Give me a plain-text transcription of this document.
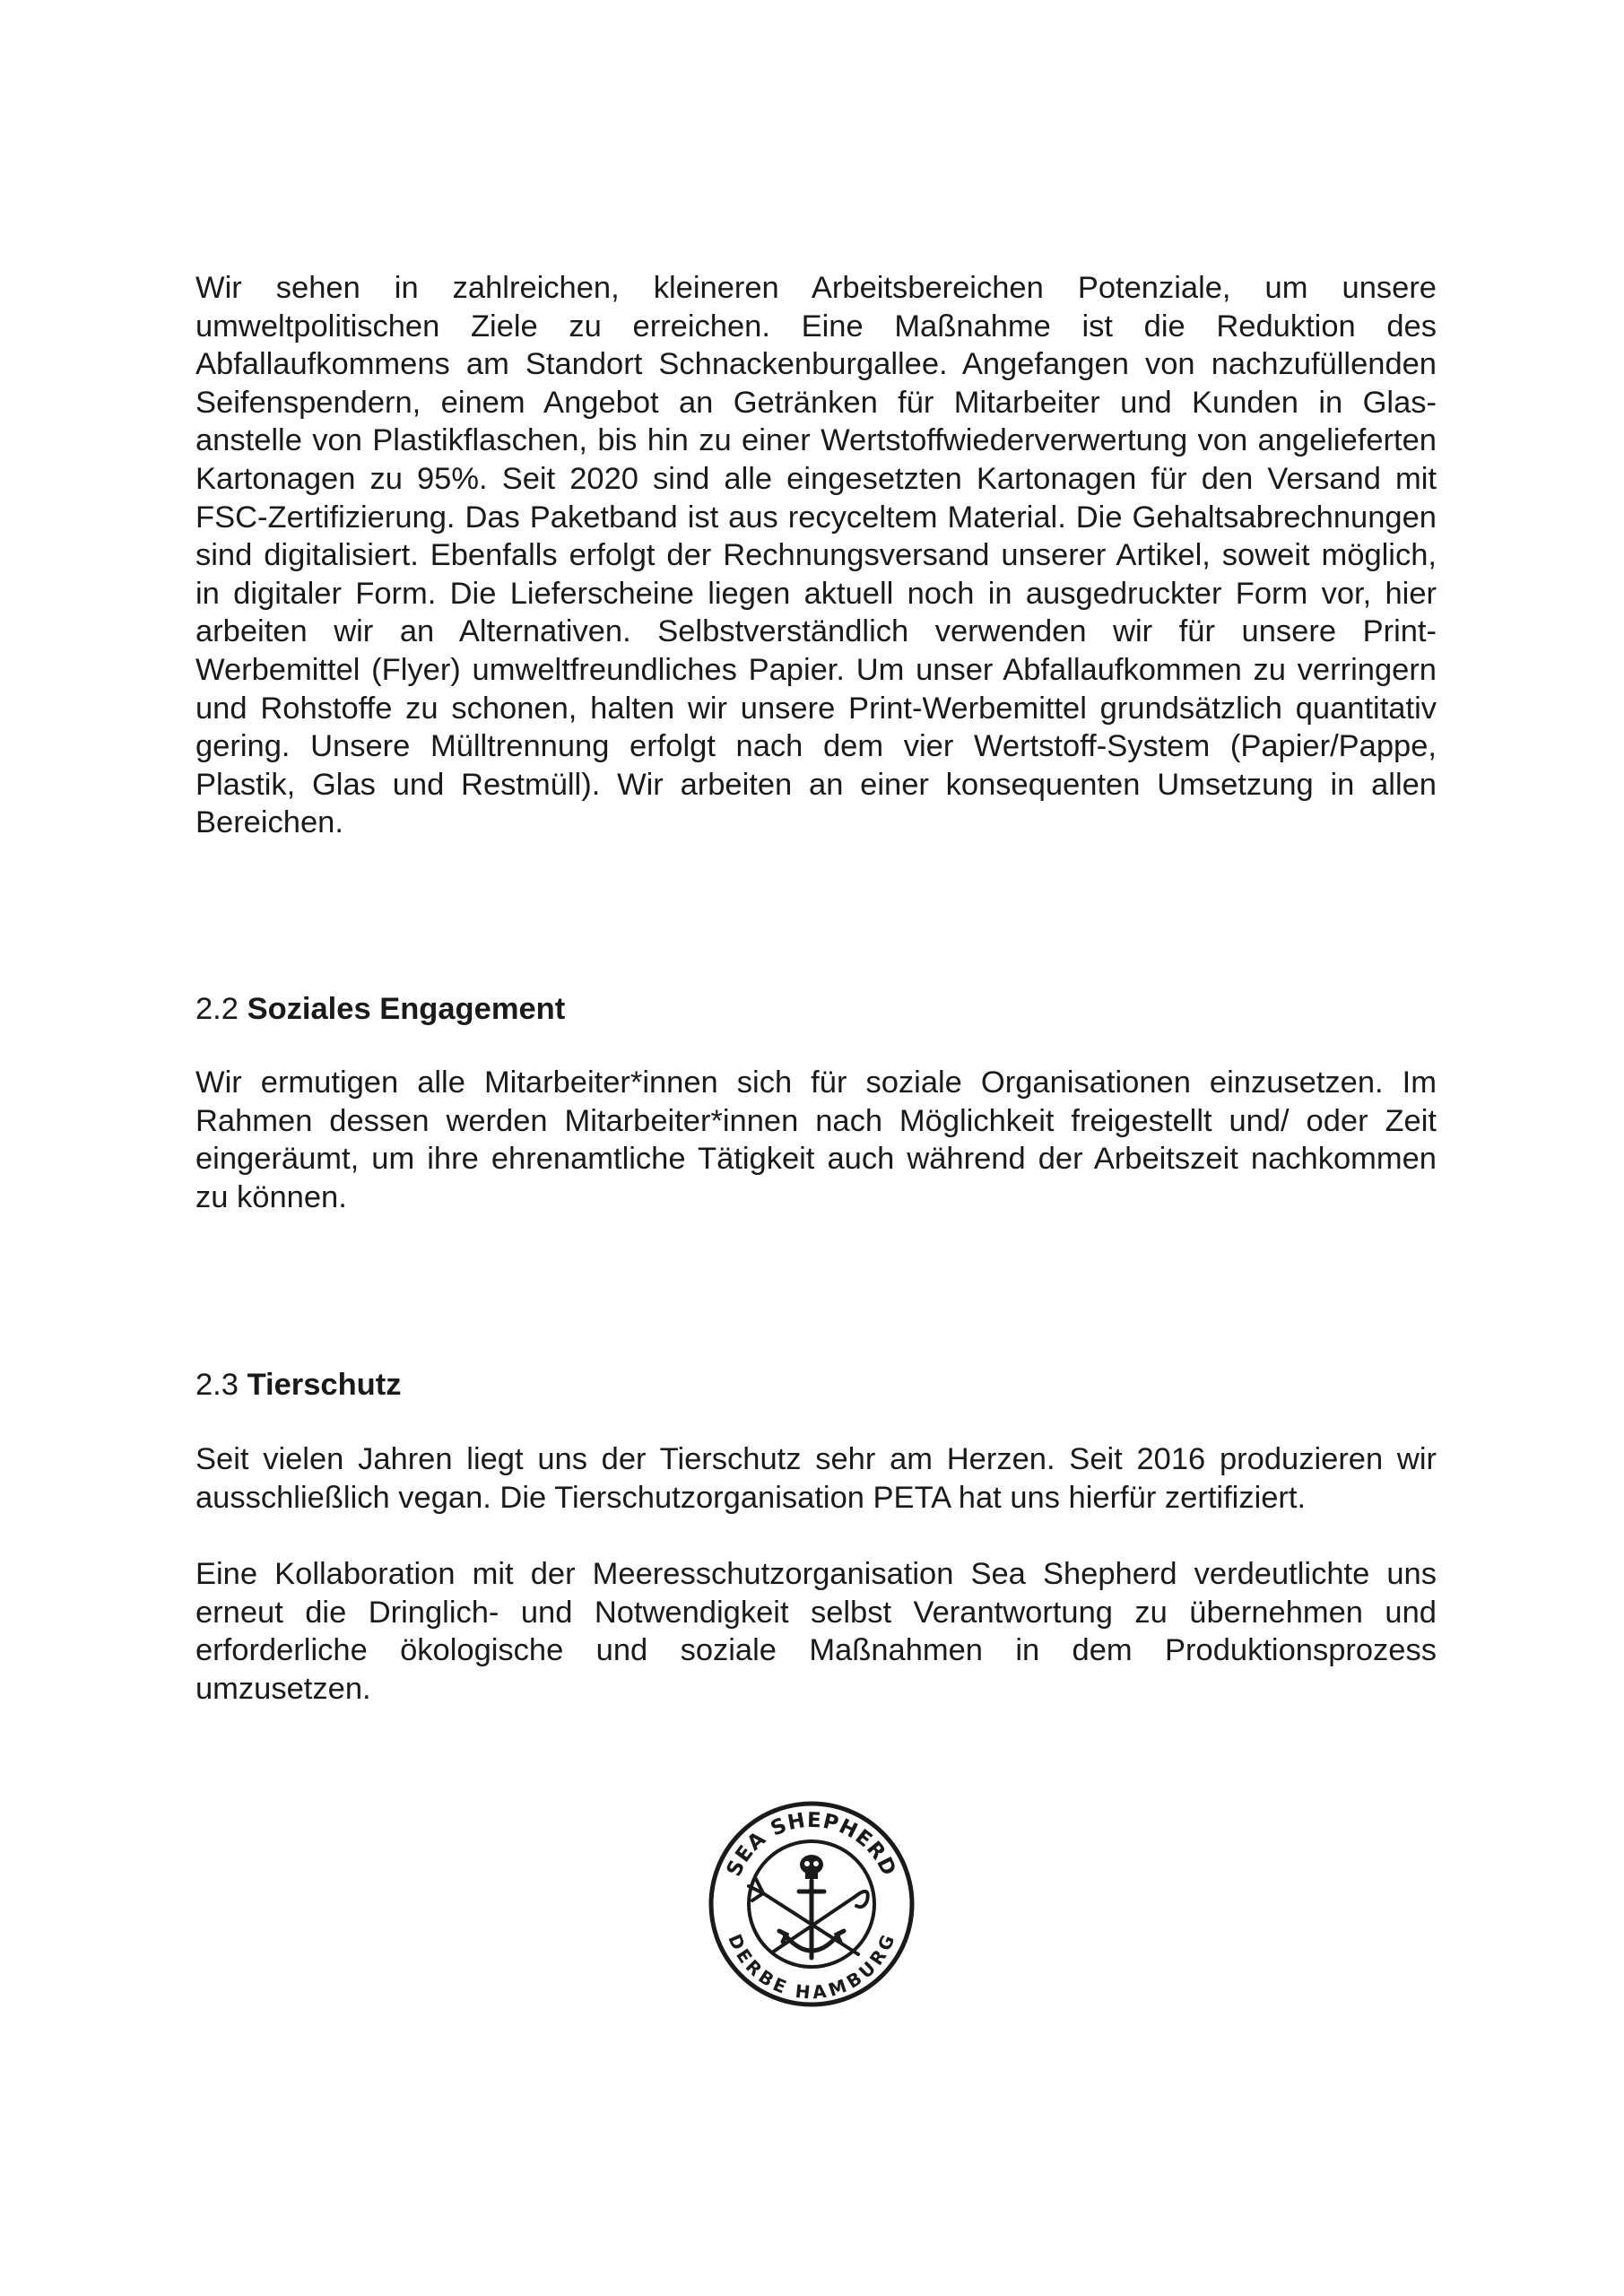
Wir sehen in zahlreichen, kleineren Arbeitsbereichen Potenziale, um unsere umweltpolitischen Ziele zu erreichen. Eine Maßnahme ist die Reduktion des Abfallaufkommens am Standort Schnackenburgallee. Angefangen von nachzufüllenden Seifenspendern, einem Angebot an Getränken für Mitarbeiter und Kunden in Glas- anstelle von Plastikflaschen, bis hin zu einer Wertstoffwiederverwertung von angelieferten Kartonagen zu 95%. Seit 2020 sind alle eingesetzten Kartonagen für den Versand mit FSC-Zertifizierung. Das Paketband ist aus recyceltem Material. Die Gehaltsabrechnungen sind digitalisiert. Ebenfalls erfolgt der Rechnungsversand unserer Artikel, soweit möglich, in digitaler Form. Die Lieferscheine liegen aktuell noch in ausgedruckter Form vor, hier arbeiten wir an Alternativen. Selbstverständlich verwenden wir für unsere Print-Werbemittel (Flyer) umweltfreundliches Papier. Um unser Abfallaufkommen zu verringern und Rohstoffe zu schonen, halten wir unsere Print-Werbemittel grundsätzlich quantitativ gering. Unsere Mülltrennung erfolgt nach dem vier Wertstoff-System (Papier/Pappe, Plastik, Glas und Restmüll). Wir arbeiten an einer konsequenten Umsetzung in allen Bereichen.

2.2 Soziales Engagement

Wir ermutigen alle Mitarbeiter*innen sich für soziale Organisationen einzusetzen. Im Rahmen dessen werden Mitarbeiter*innen nach Möglichkeit freigestellt und/ oder Zeit eingeräumt, um ihre ehrenamtliche Tätigkeit auch während der Arbeitszeit nachkommen zu können.

2.3 Tierschutz

Seit vielen Jahren liegt uns der Tierschutz sehr am Herzen. Seit 2016 produzieren wir ausschließlich vegan. Die Tierschutzorganisation PETA hat uns hierfür zertifiziert.

Eine Kollaboration mit der Meeresschutzorganisation Sea Shepherd verdeutlichte uns erneut die Dringlich- und Notwendigkeit selbst Verantwortung zu übernehmen und erforderliche ökologische und soziale Maßnahmen in dem Produktionsprozess umzusetzen.

SEA SHEPHERD
DERBE HAMBURG
